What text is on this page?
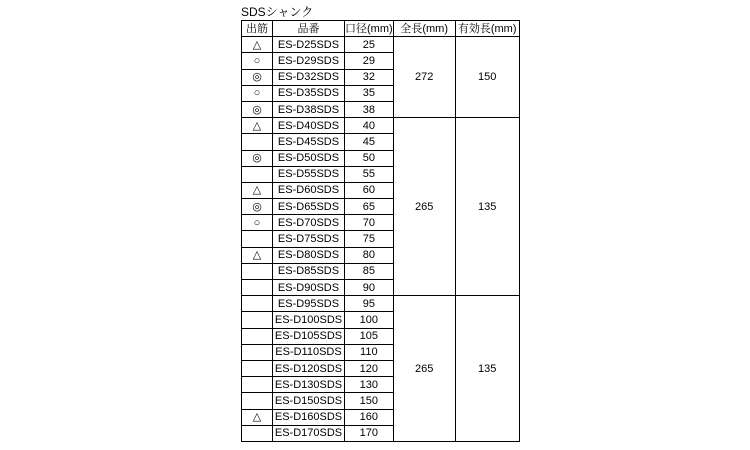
SDSシャンク
出筋	品番	口径(mm)	全長(mm)	有効長(mm)
△	ES-D25SDS	25	272	150
○	ES-D29SDS	29		
◎	ES-D32SDS	32		
○	ES-D35SDS	35		
◎	ES-D38SDS	38		
△	ES-D40SDS	40	265	135
	ES-D45SDS	45		
◎	ES-D50SDS	50		
	ES-D55SDS	55		
△	ES-D60SDS	60		
◎	ES-D65SDS	65		
○	ES-D70SDS	70		
	ES-D75SDS	75		
△	ES-D80SDS	80		
	ES-D85SDS	85		
	ES-D90SDS	90		
	ES-D95SDS	95	265	135
	ES-D100SDS	100		
	ES-D105SDS	105		
	ES-D110SDS	110		
	ES-D120SDS	120		
	ES-D130SDS	130		
	ES-D150SDS	150		
△	ES-D160SDS	160		
	ES-D170SDS	170		
